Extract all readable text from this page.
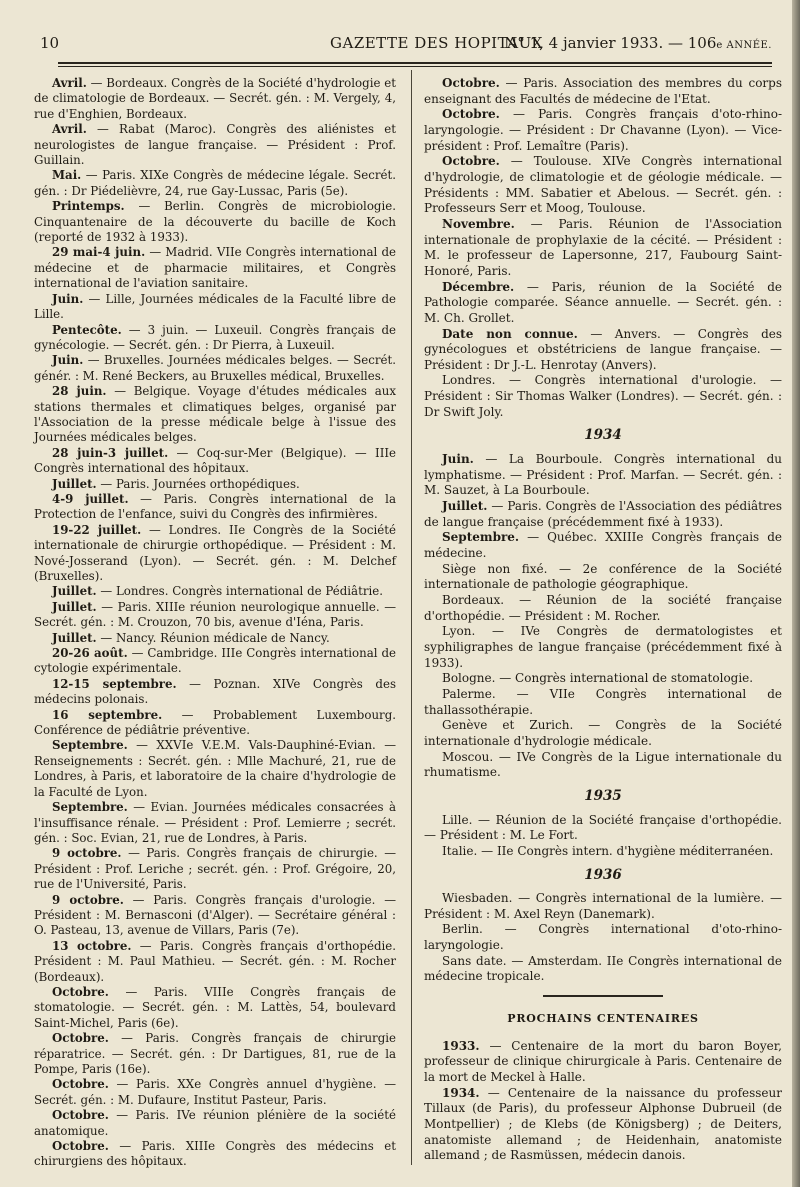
10	GAZETTE DES HOPITAUX
N° 1, 4 janvier 1933. — 106e ANNÉE.

Avril. — Bordeaux. Congrès de la Société d'hydrologie et de climatologie de Bordeaux. — Secrét. gén. : M. Vergely, 4, rue d'Enghien, Bordeaux.

Avril. — Rabat (Maroc). Congrès des aliénistes et neurologistes de langue française. — Président : Prof. Guillain.

Mai. — Paris. XIXe Congrès de médecine légale. Secrét. gén. : Dr Piédelièvre, 24, rue Gay-Lussac, Paris (5e).

Printemps. — Berlin. Congrès de microbiologie. Cinquantenaire de la découverte du bacille de Koch (reporté de 1932 à 1933).

29 mai-4 juin. — Madrid. VIIe Congrès international de médecine et de pharmacie militaires, et Congrès international de l'aviation sanitaire.

Juin. — Lille, Journées médicales de la Faculté libre de Lille.

Pentecôte. — 3 juin. — Luxeuil. Congrès français de gynécologie. — Secrét. gén. : Dr Pierra, à Luxeuil.

Juin. — Bruxelles. Journées médicales belges. — Secrét. génér. : M. René Beckers, au Bruxelles médical, Bruxelles.

28 juin. — Belgique. Voyage d'études médicales aux stations thermales et climatiques belges, organisé par l'Association de la presse médicale belge à l'issue des Journées médicales belges.

28 juin-3 juillet. — Coq-sur-Mer (Belgique). — IIIe Congrès international des hôpitaux.

Juillet. — Paris. Journées orthopédiques.

4-9 juillet. — Paris. Congrès international de la Protection de l'enfance, suivi du Congrès des infirmières.

19-22 juillet. — Londres. IIe Congrès de la Société internationale de chirurgie orthopédique. — Président : M. Nové-Josserand (Lyon). — Secrét. gén. : M. Delchef (Bruxelles).

Juillet. — Londres. Congrès international de Pédiâtrie.

Juillet. — Paris. XIIIe réunion neurologique annuelle. — Secrét. gén. : M. Crouzon, 70 bis, avenue d'Iéna, Paris.

Juillet. — Nancy. Réunion médicale de Nancy.

20-26 août. — Cambridge. IIIe Congrès international de cytologie expérimentale.

12-15 septembre. — Poznan. XIVe Congrès des médecins polonais.

16 septembre. — Probablement Luxembourg. Conférence de pédiâtrie préventive.

Septembre. — XXVIe V.E.M. Vals-Dauphiné-Evian. — Renseignements : Secrét. gén. : Mlle Machuré, 21, rue de Londres, à Paris, et laboratoire de la chaire d'hydrologie de la Faculté de Lyon.

Septembre. — Evian. Journées médicales consacrées à l'insuffisance rénale. — Président : Prof. Lemierre ; secrét. gén. : Soc. Evian, 21, rue de Londres, à Paris.

9 octobre. — Paris. Congrès français de chirurgie. — Président : Prof. Leriche ; secrét. gén. : Prof. Grégoire, 20, rue de l'Université, Paris.

9 octobre. — Paris. Congrès français d'urologie. — Président : M. Bernasconi (d'Alger). — Secrétaire général : O. Pasteau, 13, avenue de Villars, Paris (7e).

13 octobre. — Paris. Congrès français d'orthopédie. Président : M. Paul Mathieu. — Secrét. gén. : M. Rocher (Bordeaux).

Octobre. — Paris. VIIIe Congrès français de stomatologie. — Secrét. gén. : M. Lattès, 54, boulevard Saint-Michel, Paris (6e).

Octobre. — Paris. Congrès français de chirurgie réparatrice. — Secrét. gén. : Dr Dartigues, 81, rue de la Pompe, Paris (16e).

Octobre. — Paris. XXe Congrès annuel d'hygiène. — Secrét. gén. : M. Dufaure, Institut Pasteur, Paris.

Octobre. — Paris. IVe réunion plénière de la société anatomique.

Octobre. — Paris. XIIIe Congrès des médecins et chirurgiens des hôpitaux.

Octobre. — Paris. Association des membres du corps enseignant des Facultés de médecine de l'Etat.

Octobre. — Paris. Congrès français d'oto-rhino-laryngologie. — Président : Dr Chavanne (Lyon). — Vice-président : Prof. Lemaître (Paris).

Octobre. — Toulouse. XIVe Congrès international d'hydrologie, de climatologie et de géologie médicale. — Présidents : MM. Sabatier et Abelous. — Secrét. gén. : Professeurs Serr et Moog, Toulouse.

Novembre. — Paris. Réunion de l'Association internationale de prophylaxie de la cécité. — Président : M. le professeur de Lapersonne, 217, Faubourg Saint-Honoré, Paris.

Décembre. — Paris, réunion de la Société de Pathologie comparée. Séance annuelle. — Secrét. gén. : M. Ch. Grollet.

Date non connue. — Anvers. — Congrès des gynécologues et obstétriciens de langue française. — Président : Dr J.-L. Henrotay (Anvers).

Londres. — Congrès international d'urologie. — Président : Sir Thomas Walker (Londres). — Secrét. gén. : Dr Swift Joly.

1934

Juin. — La Bourboule. Congrès international du lymphatisme. — Président : Prof. Marfan. — Secrét. gén. : M. Sauzet, à La Bourboule.

Juillet. — Paris. Congrès de l'Association des pédiâtres de langue française (précédemment fixé à 1933).

Septembre. — Québec. XXIIIe Congrès français de médecine.

Siège non fixé. — 2e conférence de la Société internationale de pathologie géographique.

Bordeaux. — Réunion de la société française d'orthopédie. — Président : M. Rocher.

Lyon. — IVe Congrès de dermatologistes et syphiligraphes de langue française (précédemment fixé à 1933).

Bologne. — Congrès international de stomatologie.

Palerme. — VIIe Congrès international de thallassothérapie.

Genève et Zurich. — Congrès de la Société internationale d'hydrologie médicale.

Moscou. — IVe Congrès de la Ligue internationale du rhumatisme.

1935

Lille. — Réunion de la Société française d'orthopédie. — Président : M. Le Fort.

Italie. — IIe Congrès intern. d'hygiène méditerranéen.

1936

Wiesbaden. — Congrès international de la lumière. — Président : M. Axel Reyn (Danemark).

Berlin. — Congrès international d'oto-rhino-laryngologie.

Sans date. — Amsterdam. IIe Congrès international de médecine tropicale.

PROCHAINS CENTENAIRES

1933. — Centenaire de la mort du baron Boyer, professeur de clinique chirurgicale à Paris. Centenaire de la mort de Meckel à Halle.

1934. — Centenaire de la naissance du professeur Tillaux (de Paris), du professeur Alphonse Dubrueil (de Montpellier) ; de Klebs (de Königsberg) ; de Deiters, anatomiste allemand ; de Heidenhain, anatomiste allemand ; de Rasmüssen, médecin danois.
